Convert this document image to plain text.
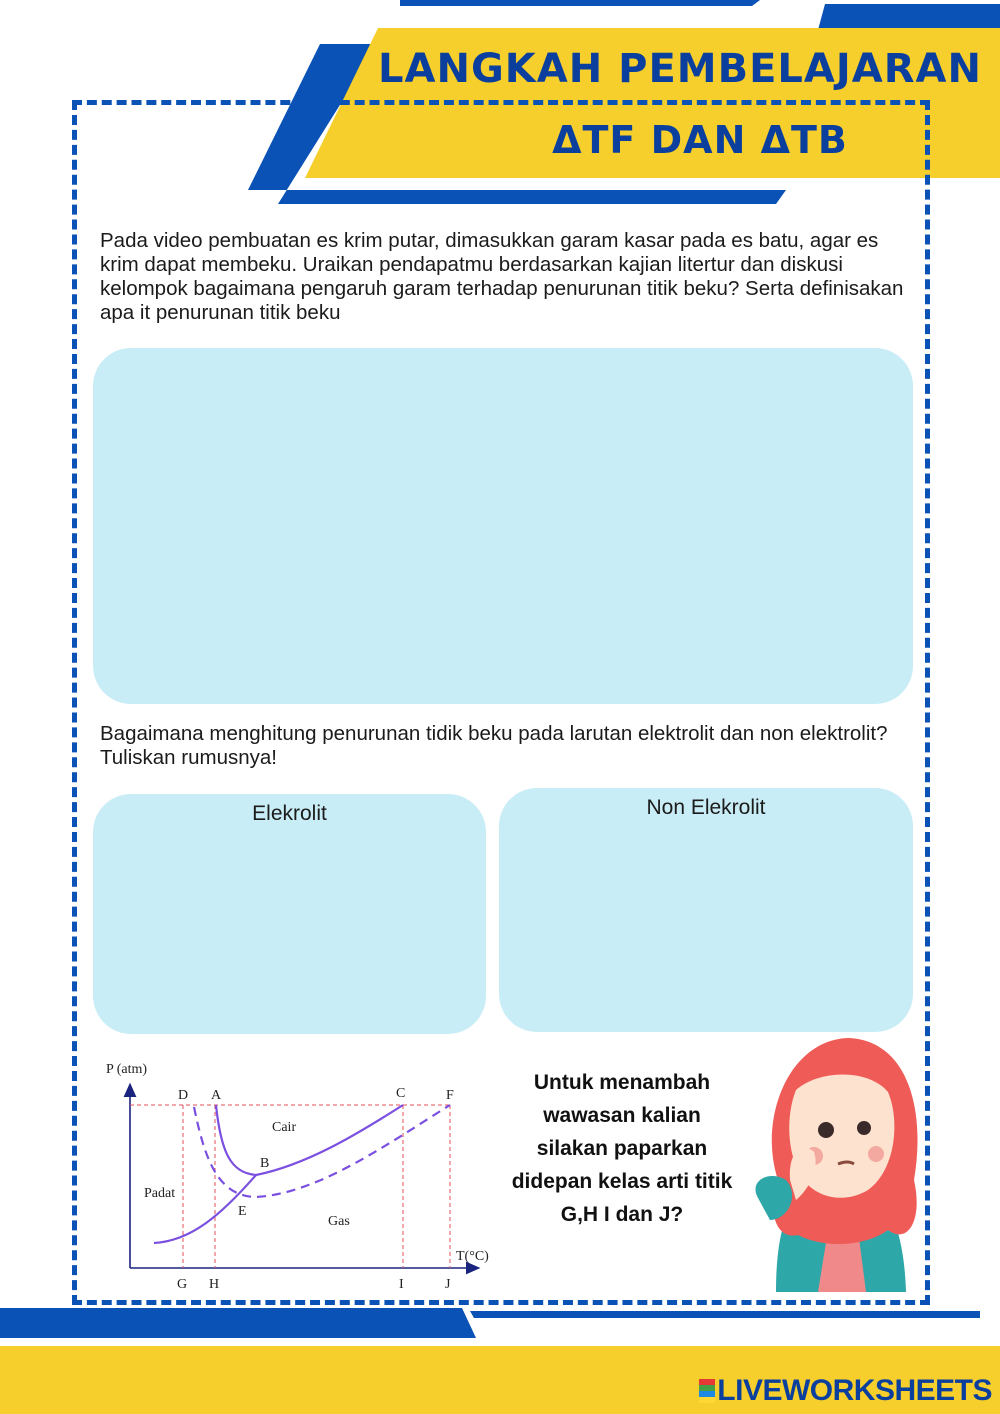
LANGKAH PEMBELAJARAN
ΔTF DAN ΔTB
Pada video pembuatan es krim putar, dimasukkan garam kasar pada es batu, agar es krim dapat membeku. Uraikan pendapatmu berdasarkan kajian litertur dan diskusi kelompok bagaimana pengaruh garam terhadap penurunan titik beku? Serta definisakan apa it penurunan titik beku
Bagaimana menghitung penurunan tidik beku pada larutan elektrolit dan non elektrolit? Tuliskan rumusnya!
Elekrolit	Non Elekrolit
P (atm)
T(°C)
D A	C	F
B
E
Cair
Padat
Gas
G H	I	J
Untuk menambah
wawasan kalian
silakan paparkan
didepan kelas arti titik
G,H I dan J?
LIVEWORKSHEETS
